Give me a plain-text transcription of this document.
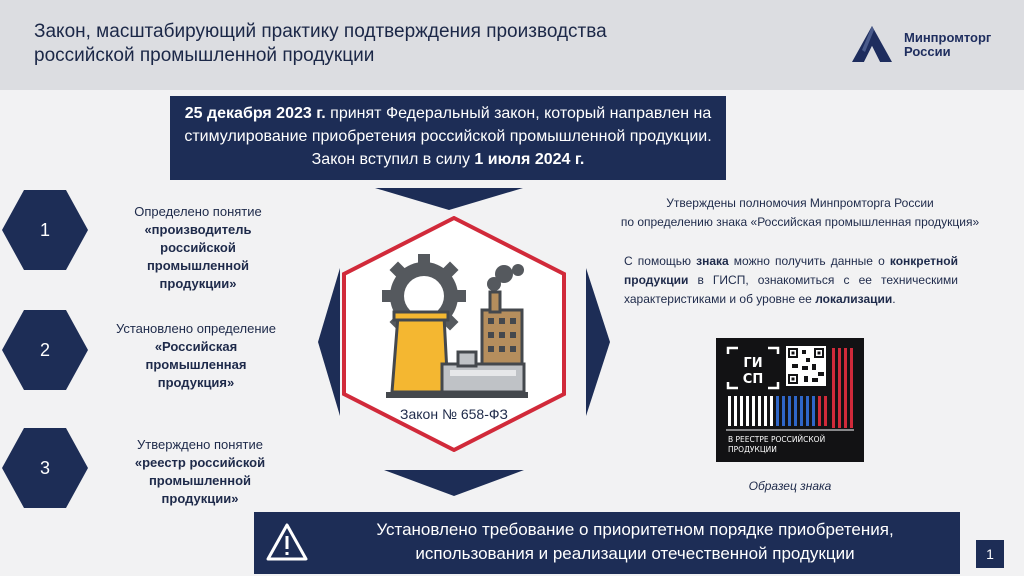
Закон, масштабирующий практику подтверждения производства
российской промышленной продукции
Минпромторг
России
25 декабря 2023 г. принят Федеральный закон, который направлен на стимулирование приобретения российской промышленной продукции. Закон вступил в силу 1 июля 2024 г.
1
2
3
Определено понятие
«производитель российской промышленной продукции»
Установлено определение
«Российская промышленная продукция»
Утверждено понятие
«реестр российской промышленной продукции»
Закон № 658-ФЗ
Утверждены полномочия Минпромторга России
по определению знака «Российская промышленная продукция»
С помощью знака можно получить данные о конкретной продукции в ГИСП, ознакомиться с ее техническими характеристиками и об уровне ее локализации.
ГИ
СП
В РЕЕСТРЕ РОССИЙСКОЙ
ПРОДУКЦИИ
Образец знака
Установлено требование о приоритетном порядке приобретения,
использования и реализации отечественной продукции	1
